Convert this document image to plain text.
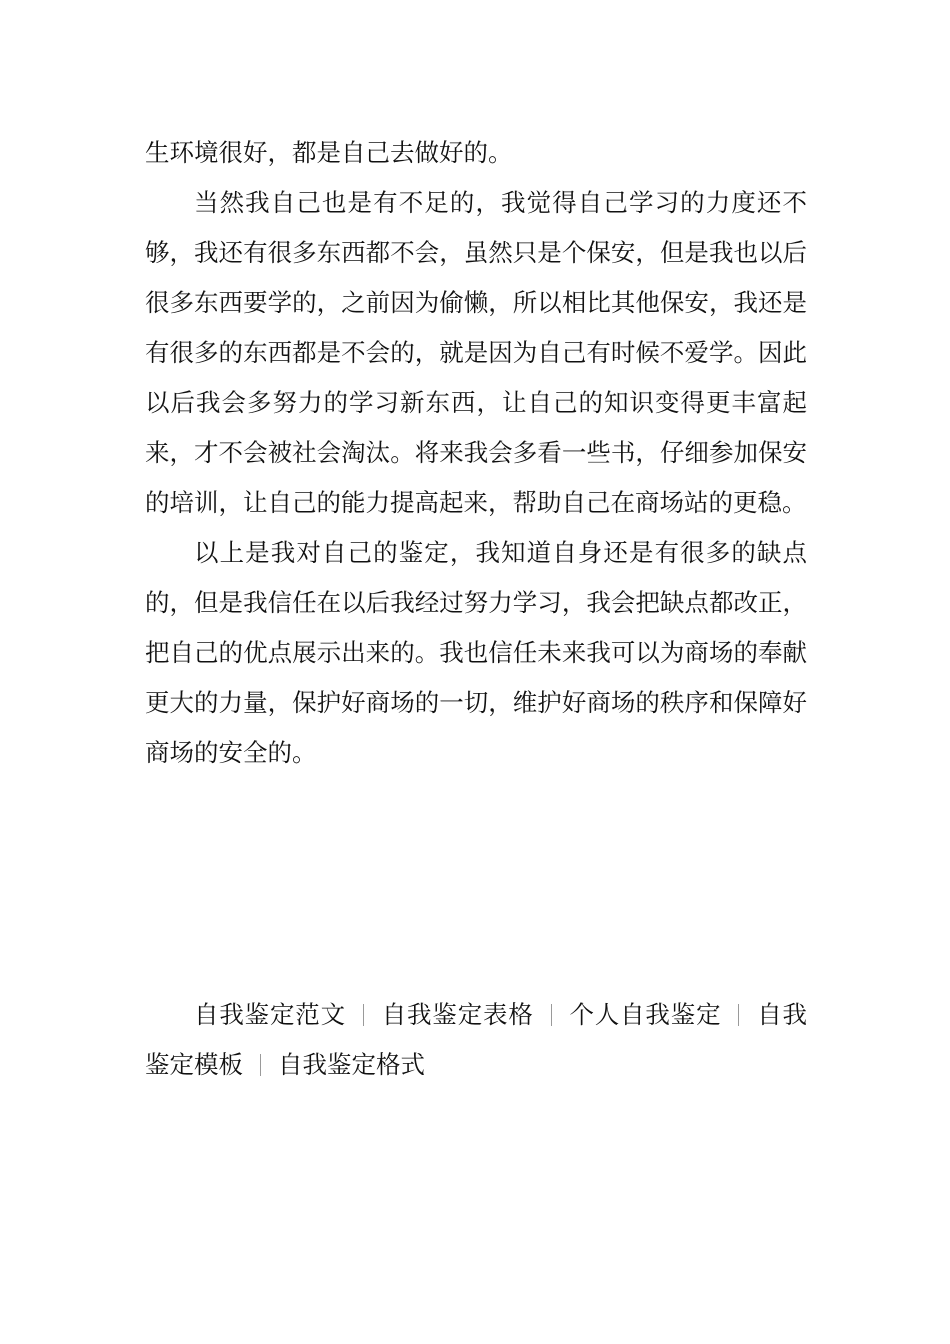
生环境很好，都是自己去做好的。

当然我自己也是有不足的，我觉得自己学习的力度还不够，我还有很多东西都不会，虽然只是个保安，但是我也以后很多东西要学的，之前因为偷懒，所以相比其他保安，我还是有很多的东西都是不会的，就是因为自己有时候不爱学。因此以后我会多努力的学习新东西，让自己的知识变得更丰富起来，才不会被社会淘汰。将来我会多看一些书，仔细参加保安的培训，让自己的能力提高起来，帮助自己在商场站的更稳。

以上是我对自己的鉴定，我知道自身还是有很多的缺点的，但是我信任在以后我经过努力学习，我会把缺点都改正，把自己的优点展示出来的。我也信任未来我可以为商场的奉献更大的力量，保护好商场的一切，维护好商场的秩序和保障好商场的安全的。

自我鉴定范文 自我鉴定表格 个人自我鉴定 自我鉴定模板 自我鉴定格式
